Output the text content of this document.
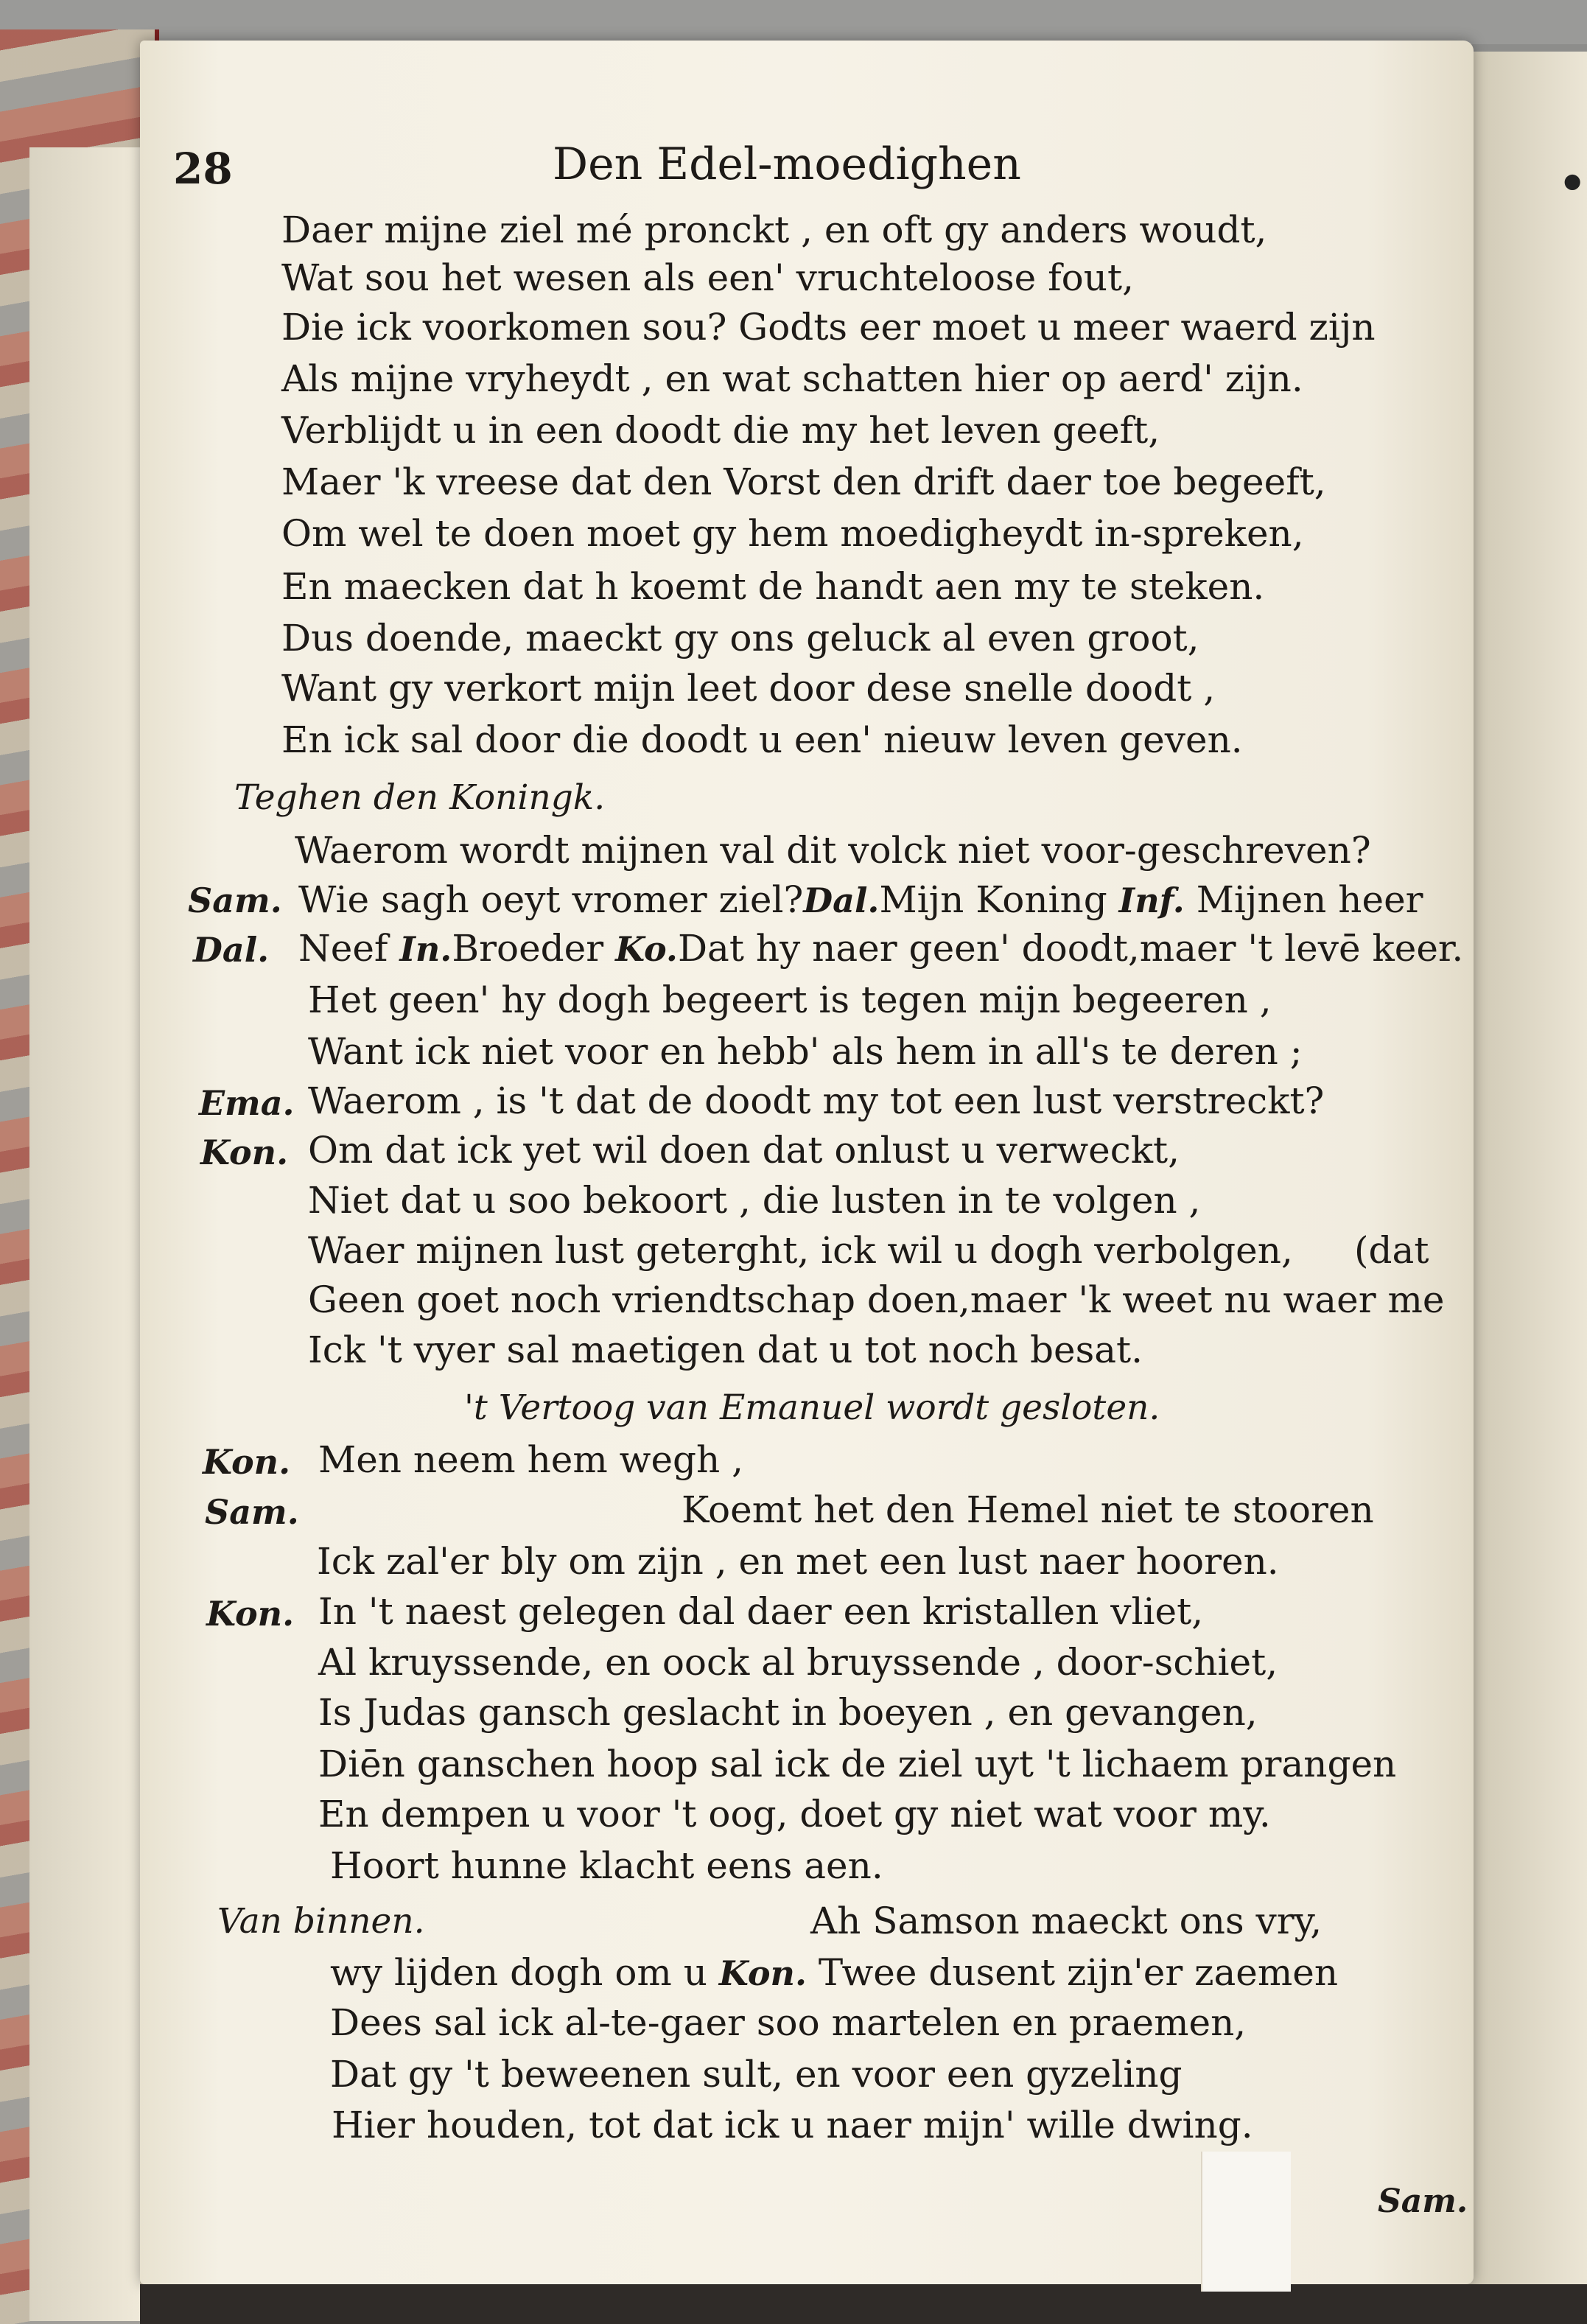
•
28	Den Edel-moedighen
Daer mijne ziel mé pronckt , en oft gy anders woudt,
Wat sou het wesen als een' vruchteloose fout,
Die ick voorkomen sou? Godts eer moet u meer waerd zijn
Als mijne vryheydt , en wat schatten hier op aerd' zijn.
Verblijdt u in een doodt die my het leven geeft,
Maer 'k vreese dat den Vorst den drift daer toe begeeft,
Om wel te doen moet gy hem moedigheydt in-spreken,
En maecken dat h koemt de handt aen my te steken.
Dus doende, maeckt gy ons geluck al even groot,
Want gy verkort mijn leet door dese snelle doodt ,
En ick sal door die doodt u een' nieuw leven geven.
Teghen den Koningk.
Waerom wordt mijnen val dit volck niet voor-geschreven?
Sam. Wie sagh oeyt vromer ziel?Dal.Mijn Koning Inf. Mijnen heer
Dal. Neef In.Broeder Ko.Dat hy naer geen' doodt,maer 't levē keer.
Het geen' hy dogh begeert is tegen mijn begeeren ,
Want ick niet voor en hebb' als hem in all's te deren ;
Ema. Waerom , is 't dat de doodt my tot een lust verstreckt?
Kon. Om dat ick yet wil doen dat onlust u verweckt,
Niet dat u soo bekoort , die lusten in te volgen ,
Waer mijnen lust geterght, ick wil u dogh verbolgen, (dat
Geen goet noch vriendtschap doen,maer 'k weet nu waer me
Ick 't vyer sal maetigen dat u tot noch besat.
't Vertoog van Emanuel wordt gesloten.
Kon. Men neem hem wegh ,
Sam.	Koemt het den Hemel niet te stooren
Ick zal'er bly om zijn , en met een lust naer hooren.
Kon. In 't naest gelegen dal daer een kristallen vliet,
Al kruyssende, en oock al bruyssende , door-schiet,
Is Judas gansch geslacht in boeyen , en gevangen,
Diēn ganschen hoop sal ick de ziel uyt 't lichaem prangen
En dempen u voor 't oog, doet gy niet wat voor my.
Hoort hunne klacht eens aen.
Van binnen.	Ah Samson maeckt ons vry,
wy lijden dogh om u Kon. Twee dusent zijn'er zaemen
Dees sal ick al-te-gaer soo martelen en praemen,
Dat gy 't beweenen sult, en voor een gyzeling
Hier houden, tot dat ick u naer mijn' wille dwing.
Sam.
